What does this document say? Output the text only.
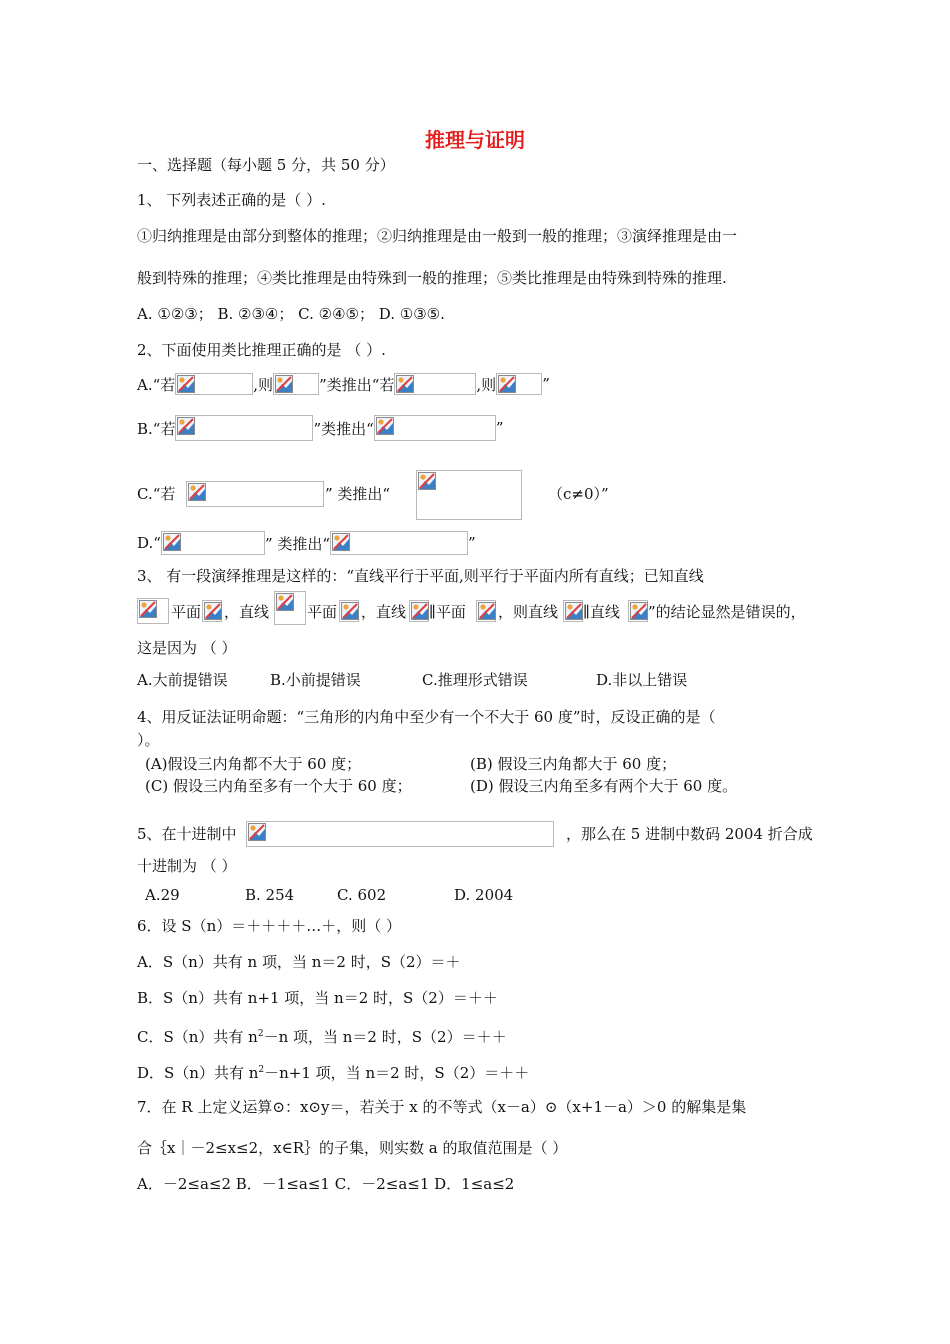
推理与证明
一、选择题（每小题 5 分，共 50 分）
1、 下列表述正确的是（ ）.
①归纳推理是由部分到整体的推理；②归纳推理是由一般到一般的推理；③演绎推理是由一
般到特殊的推理；④类比推理是由特殊到一般的推理；⑤类比推理是由特殊到特殊的推理.
A. ①②③； B. ②③④； C. ②④⑤； D. ①③⑤.
2、下面使用类比推理正确的是 （ ）.
A.“若	,则	”类推出“若	,则	”
B.“若	”类推出“	”
C.“若	” 类推出“	（c≠0）”
D.“	” 类推出“	”
3、 有一段演绎推理是这样的：“直线平行于平面,则平行于平面内所有直线；已知直线
平面 ，直线	平面 ，直线 ∥平面 ，则直线 ∥直线 ”的结论显然是错误的，
这是因为 （ ）
A.大前提错误	B.小前提错误	C.推理形式错误	D.非以上错误
4、用反证法证明命题：“三角形的内角中至少有一个不大于 60 度”时，反设正确的是（
）。
(A)假设三内角都不大于 60 度；	(B) 假设三内角都大于 60 度；
(C) 假设三内角至多有一个大于 60 度；	(D) 假设三内角至多有两个大于 60 度。
5、在十进制中	，那么在 5 进制中数码 2004 折合成
十进制为 （ ）
A.29	B. 254	C. 602	D. 2004
6．设 S（n）＝＋＋＋＋…＋，则（ ）
A．S（n）共有 n 项，当 n＝2 时，S（2）＝＋
B．S（n）共有 n+1 项，当 n＝2 时，S（2）＝＋＋
C．S（n）共有 $n^2-n$ 项，当 n＝2 时，S（2）＝＋＋
D．S（n）共有 $n^2-n+1$ 项，当 n＝2 时，S（2）＝＋＋
7．在 R 上定义运算⊙：x⊙y＝，若关于 x 的不等式（x－a）⊙（x+1－a）＞0 的解集是集
合｛x｜－2≤x≤2，x∈R｝的子集，则实数 a 的取值范围是（ ）
A．－2≤a≤2 B．－1≤a≤1 C．－2≤a≤1 D．1≤a≤2
